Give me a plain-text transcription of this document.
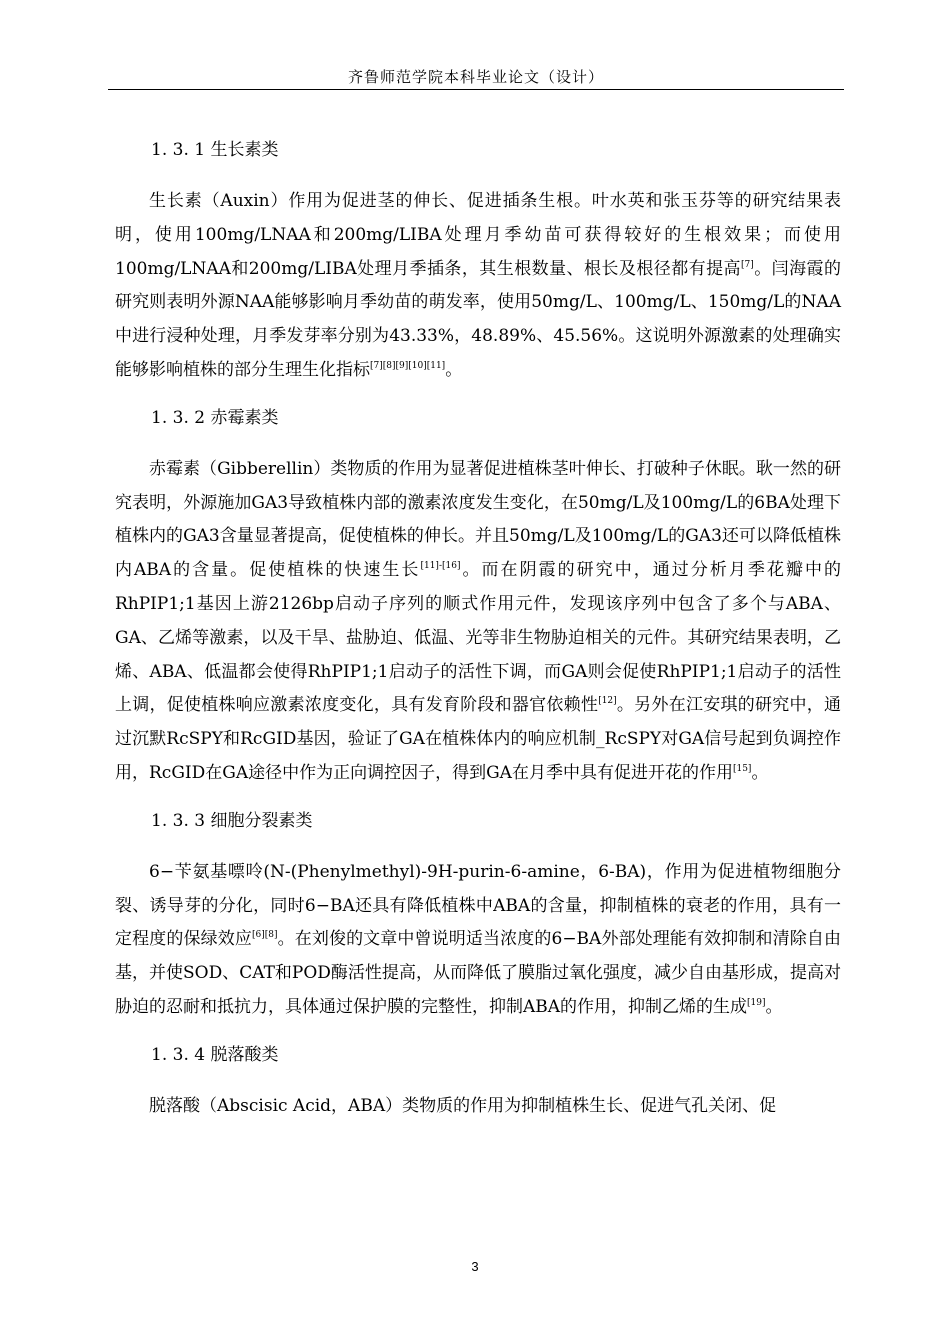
齐鲁师范学院本科毕业论文（设计）
1. 3. 1 生长素类

生长素（Auxin）作用为促进茎的伸长、促进插条生根。叶水英和张玉芬等的研究结果表明，使用100mg/LNAA和200mg/LIBA处理月季幼苗可获得较好的生根效果；而使用100mg/LNAA和200mg/LIBA处理月季插条，其生根数量、根长及根径都有提高[7]。闫海霞的研究则表明外源NAA能够影响月季幼苗的萌发率，使用50mg/L、100mg/L、150mg/L的NAA中进行浸种处理，月季发芽率分别为43.33%，48.89%、45.56%。这说明外源激素的处理确实能够影响植株的部分生理生化指标[7][8][9][10][11]。

1. 3. 2 赤霉素类

赤霉素（Gibberellin）类物质的作用为显著促进植株茎叶伸长、打破种子休眠。耿一然的研究表明，外源施加GA3导致植株内部的激素浓度发生变化，在50mg/L及100mg/L的6BA处理下植株内的GA3含量显著提高，促使植株的伸长。并且50mg/L及100mg/L的GA3还可以降低植株内ABA的含量。促使植株的快速生长[11]-[16]。而在阴霞的研究中，通过分析月季花瓣中的RhPIP1;1基因上游2126bp启动子序列的顺式作用元件，发现该序列中包含了多个与ABA、GA、乙烯等激素，以及干旱、盐胁迫、低温、光等非生物胁迫相关的元件。其研究结果表明，乙烯、ABA、低温都会使得RhPIP1;1启动子的活性下调，而GA则会促使RhPIP1;1启动子的活性上调，促使植株响应激素浓度变化，具有发育阶段和器官依赖性[12]。另外在江安琪的研究中，通过沉默RcSPY和RcGID基因，验证了GA在植株体内的响应机制_RcSPY对GA信号起到负调控作用，RcGID在GA途径中作为正向调控因子，得到GA在月季中具有促进开花的作用[15]。

1. 3. 3 细胞分裂素类

6−苄氨基嘌呤(N-(Phenylmethyl)-9H-purin-6-amine，6-BA)，作用为促进植物细胞分裂、诱导芽的分化，同时6−BA还具有降低植株中ABA的含量，抑制植株的衰老的作用，具有一定程度的保绿效应[6][8]。在刘俊的文章中曾说明适当浓度的6−BA外部处理能有效抑制和清除自由基，并使SOD、CAT和POD酶活性提高，从而降低了膜脂过氧化强度，减少自由基形成，提高对胁迫的忍耐和抵抗力，具体通过保护膜的完整性，抑制ABA的作用，抑制乙烯的生成[19]。

1. 3. 4 脱落酸类

脱落酸（Abscisic Acid，ABA）类物质的作用为抑制植株生长、促进气孔关闭、促

3
